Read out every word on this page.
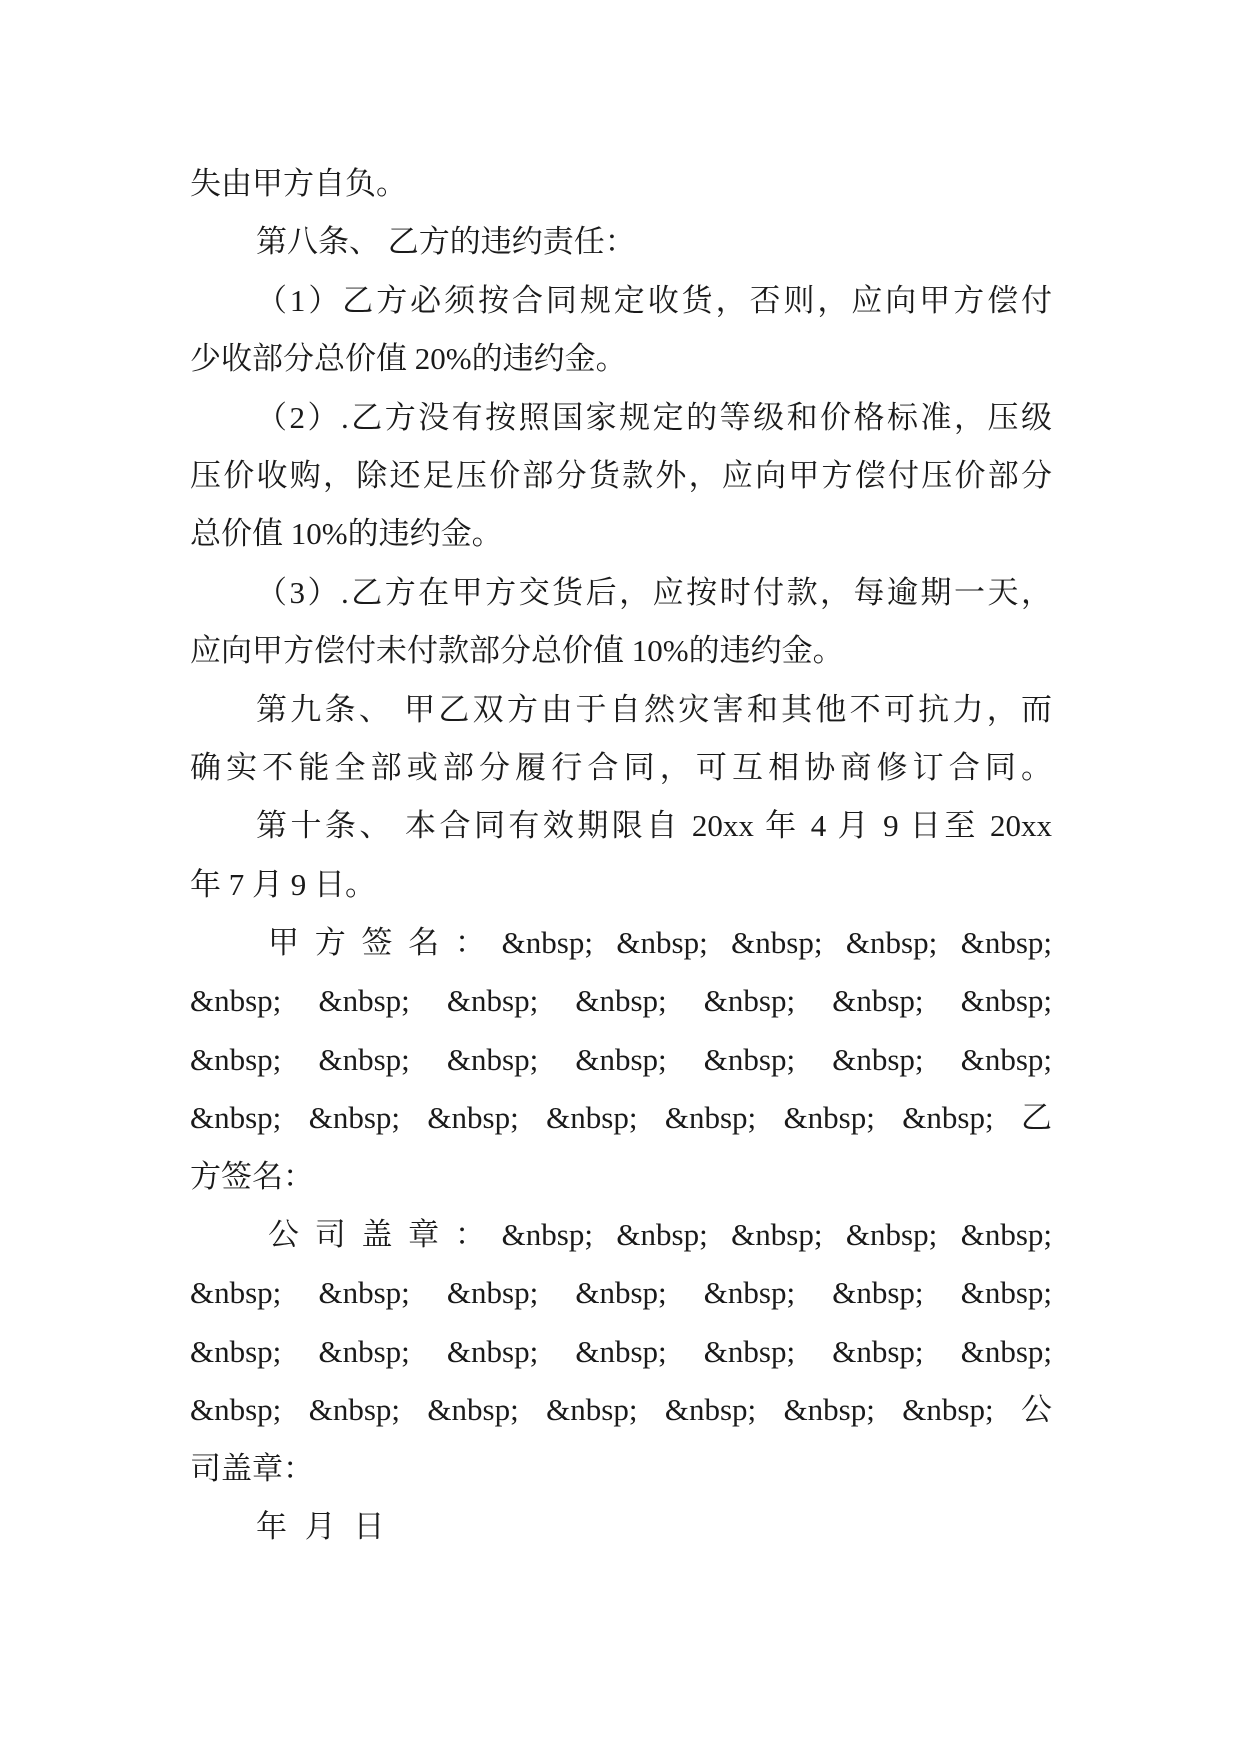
失由甲方自负。
第八条、 乙方的违约责任：
（1）乙方必须按合同规定收货，否则，应向甲方偿付
少收部分总价值 20%的违约金。
（2）.乙方没有按照国家规定的等级和价格标准，压级
压价收购，除还足压价部分货款外，应向甲方偿付压价部分
总价值 10%的违约金。
（3）.乙方在甲方交货后，应按时付款，每逾期一天，
应向甲方偿付未付款部分总价值 10%的违约金。
第九条、 甲乙双方由于自然灾害和其他不可抗力，而
确实不能全部或部分履行合同，可互相协商修订合同。
第十条、 本合同有效期限自 20xx 年 4 月 9 日至 20xx
年 7 月 9 日。
甲方签名：&nbsp; &nbsp; &nbsp; &nbsp; &nbsp;
&nbsp; &nbsp; &nbsp; &nbsp; &nbsp; &nbsp; &nbsp;
&nbsp; &nbsp; &nbsp; &nbsp; &nbsp; &nbsp; &nbsp;
&nbsp; &nbsp; &nbsp; &nbsp; &nbsp; &nbsp; &nbsp; 乙
方签名：
公司盖章：&nbsp; &nbsp; &nbsp; &nbsp; &nbsp;
&nbsp; &nbsp; &nbsp; &nbsp; &nbsp; &nbsp; &nbsp;
&nbsp; &nbsp; &nbsp; &nbsp; &nbsp; &nbsp; &nbsp;
&nbsp; &nbsp; &nbsp; &nbsp; &nbsp; &nbsp; &nbsp; 公
司盖章：
年 月 日
